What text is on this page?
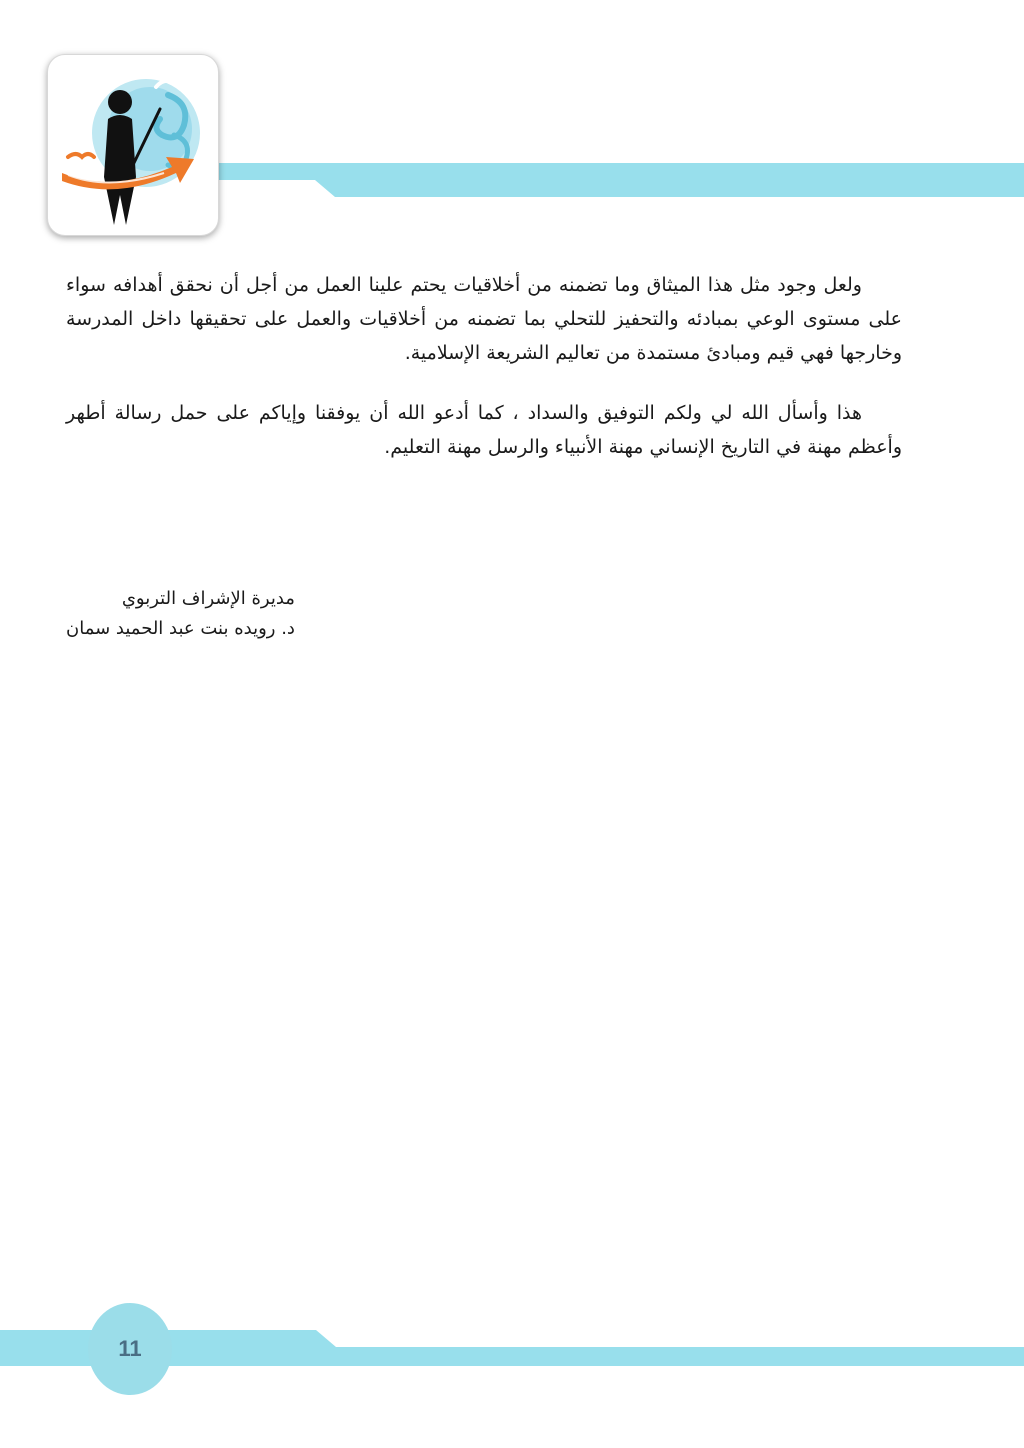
ولعل وجود مثل هذا الميثاق وما تضمنه من أخلاقيات يحتم علينا العمل من أجل أن نحقق أهدافه سواء على مستوى الوعي بمبادئه والتحفيز للتحلي بما تضمنه من أخلاقيات والعمل على تحقيقها داخل المدرسة وخارجها فهي قيم ومبادئ مستمدة من تعاليم الشريعة الإسلامية.

هذا وأسأل الله لي ولكم التوفيق والسداد ، كما أدعو الله أن يوفقنا وإياكم على حمل رسالة أطهر وأعظم مهنة في التاريخ الإنساني مهنة الأنبياء والرسل مهنة التعليم.

مديرة الإشراف التربوي
د. رويده بنت عبد الحميد سمان
11
